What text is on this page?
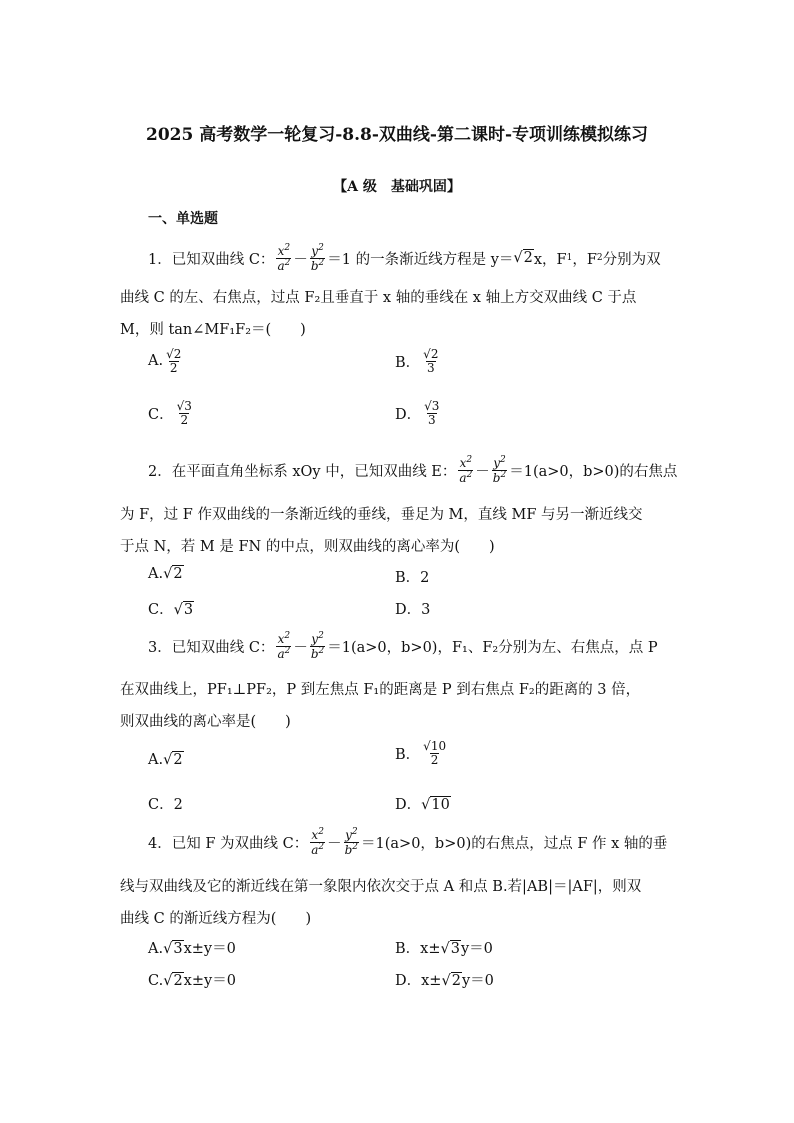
2025 高考数学一轮复习-8.8-双曲线-第二课时-专项训练模拟练习
【A 级　基础巩固】
一、单选题
1．已知双曲线 C： $\frac{x^2}{a^2} - \frac{y^2}{b^2} =1$ 的一条渐近线方程是 y＝ √2 x，F 1 ，F 2 分别为双
曲线 C 的左、右焦点，过点 F₂且垂直于 x 轴的垂线在 x 轴上方交双曲线 C 于点
M，则 tan∠MF₁F₂＝(　　)
A. $\frac{√2}{2}$	B． $\frac{√2}{3}$
C． $\frac{√3}{2}$	D． $\frac{√3}{3}$
2．在平面直角坐标系 xOy 中，已知双曲线 E： $\frac{x^2}{a^2} - \frac{y^2}{b^2} =1(a>0$，b>0)的右焦点
为 F，过 F 作双曲线的一条渐近线的垂线，垂足为 M，直线 MF 与另一渐近线交
于点 N，若 M 是 FN 的中点，则双曲线的离心率为(　　)
A.√2	B．2
C．√3	D．3
3．已知双曲线 C： $\frac{x^2}{a^2} - \frac{y^2}{b^2} =1(a>0$，b>0)，F₁、F₂分别为左、右焦点，点 P
在双曲线上，PF₁⊥PF₂，P 到左焦点 F₁的距离是 P 到右焦点 F₂的距离的 3 倍，
则双曲线的离心率是(　　)
A.√2	B． $\frac{√10}{2}$
C．2	D．√10
4．已知 F 为双曲线 C： $\frac{x^2}{a^2} - \frac{y^2}{b^2} =1(a>0$，b>0)的右焦点，过点 F 作 x 轴的垂
线与双曲线及它的渐近线在第一象限内依次交于点 A 和点 B.若|AB|＝|AF|，则双
曲线 C 的渐近线方程为(　　)
A.√3x±y＝0	B．x±√3y＝0
C.√2x±y＝0	D．x±√2y＝0
